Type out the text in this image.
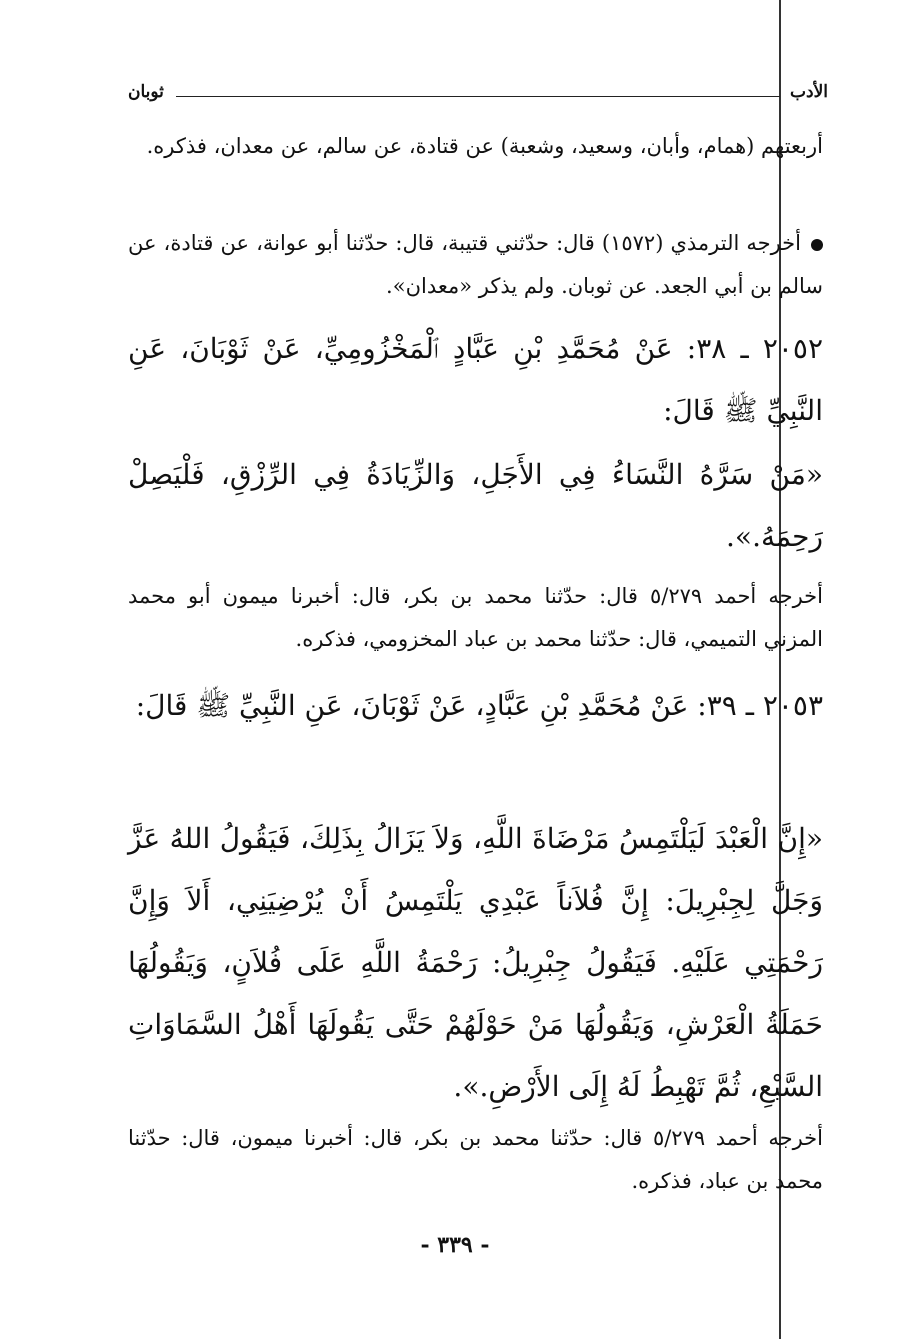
الأدب
ثوبان

أربعتهم (همام، وأبان، وسعيد، وشعبة) عن قتادة، عن سالم، عن معدان، فذكره.

أخرجه الترمذي (١٥٧٢) قال: حدّثني قتيبة، قال: حدّثنا أبو عوانة، عن قتادة، عن سالم بن أبي الجعد. عن ثوبان. ولم يذكر «معدان».

٢٠٥٢ ـ ٣٨: عَنْ مُحَمَّدِ بْنِ عَبَّادٍ ٱلْمَخْزُومِيِّ، عَنْ ثَوْبَانَ، عَنِ النَّبِيِّ ﷺ قَالَ:

«مَنْ سَرَّهُ النَّسَاءُ فِي الأَجَلِ، وَالزِّيَادَةُ فِي الرِّزْقِ، فَلْيَصِلْ رَحِمَهُ.».

أخرجه أحمد ٥/٢٧٩ قال: حدّثنا محمد بن بكر، قال: أخبرنا ميمون أبو محمد المزني التميمي، قال: حدّثنا محمد بن عباد المخزومي، فذكره.

٢٠٥٣ ـ ٣٩: عَنْ مُحَمَّدِ بْنِ عَبَّادٍ، عَنْ ثَوْبَانَ، عَنِ النَّبِيِّ ﷺ قَالَ:

«إِنَّ الْعَبْدَ لَيَلْتَمِسُ مَرْضَاةَ اللَّهِ، وَلاَ يَزَالُ بِذَلِكَ، فَيَقُولُ اللهُ عَزَّ وَجَلَّ لِجِبْرِيلَ: إِنَّ فُلاَناً عَبْدِي يَلْتَمِسُ أَنْ يُرْضِيَنِي، أَلاَ وَإِنَّ رَحْمَتِي عَلَيْهِ. فَيَقُولُ جِبْرِيلُ: رَحْمَةُ اللَّهِ عَلَى فُلاَنٍ، وَيَقُولُهَا حَمَلَةُ الْعَرْشِ، وَيَقُولُهَا مَنْ حَوْلَهُمْ حَتَّى يَقُولَهَا أَهْلُ السَّمَاوَاتِ السَّبْعِ، ثُمَّ تَهْبِطُ لَهُ إِلَى الأَرْضِ.».

أخرجه أحمد ٥/٢٧٩ قال: حدّثنا محمد بن بكر، قال: أخبرنا ميمون، قال: حدّثنا محمد بن عباد، فذكره.

- ٣٣٩ -
